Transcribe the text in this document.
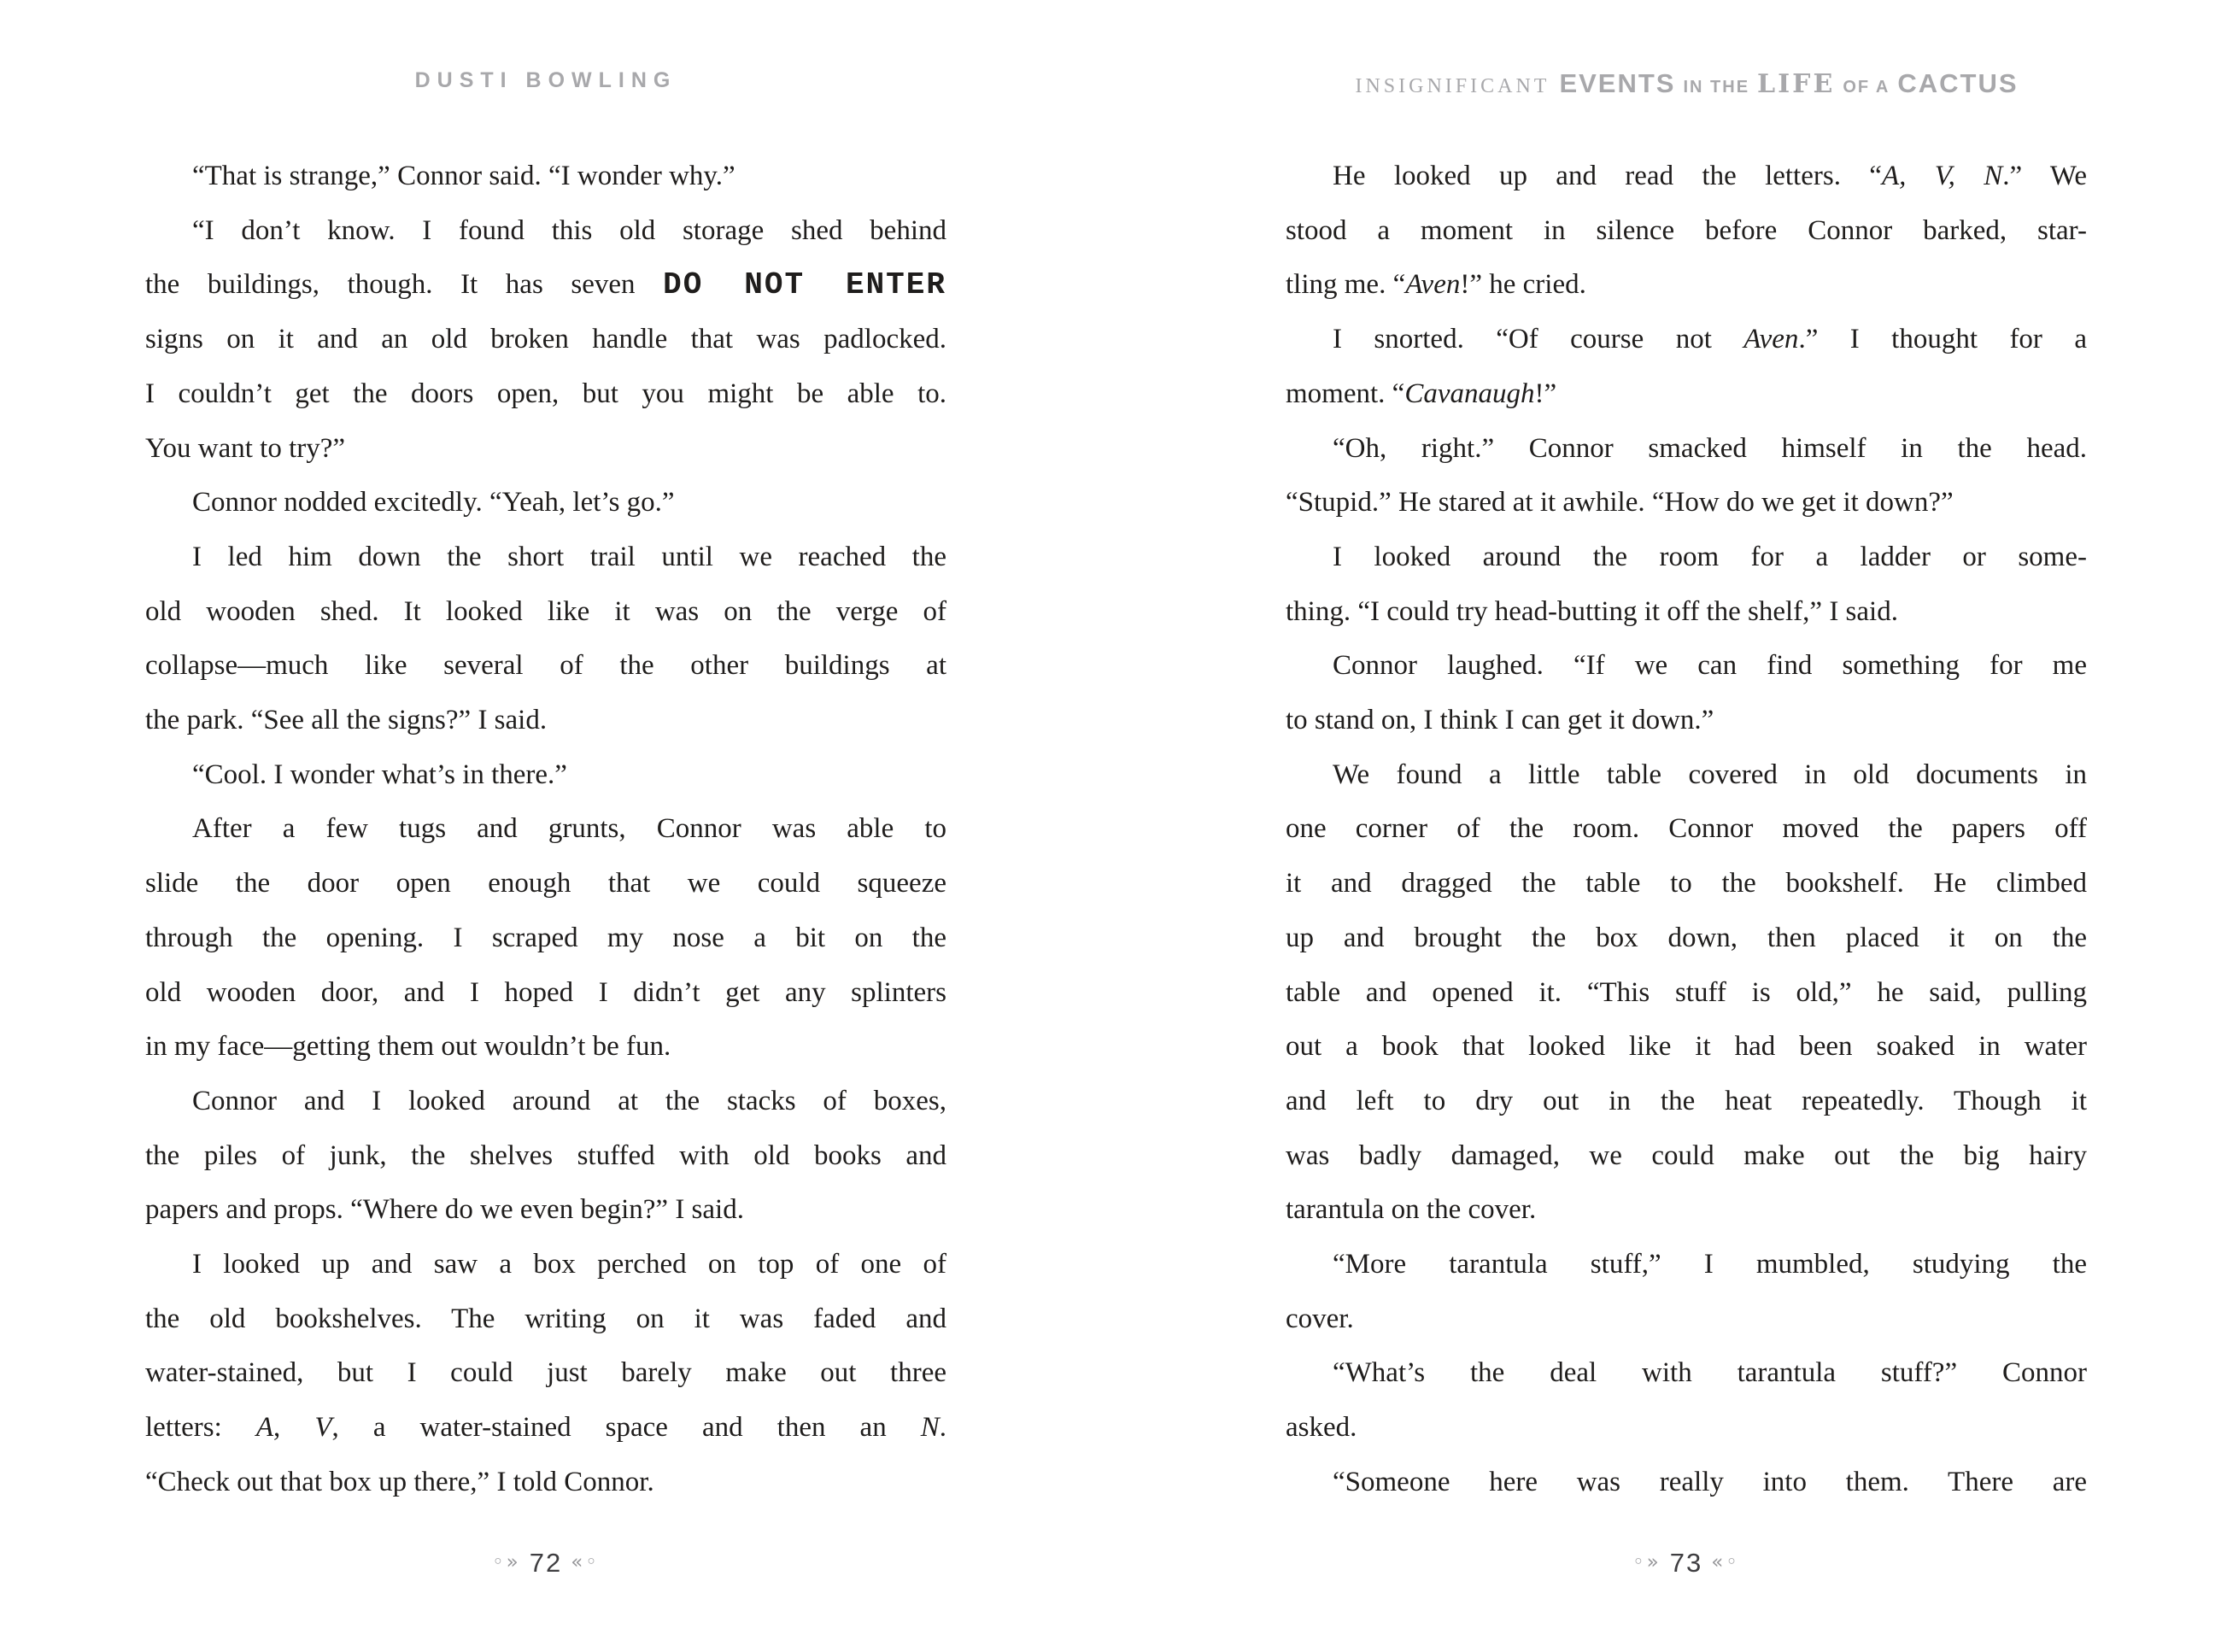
DUSTI BOWLING
“That is strange,” Connor said. “I wonder why.”
“I don’t know. I found this old storage shed behind
the buildings, though. It has seven DO NOT ENTER
signs on it and an old broken handle that was padlocked.
I couldn’t get the doors open, but you might be able to.
You want to try?”
Connor nodded excitedly. “Yeah, let’s go.”
I led him down the short trail until we reached the
old wooden shed. It looked like it was on the verge of
collapse—much like several of the other buildings at
the park. “See all the signs?” I said.
“Cool. I wonder what’s in there.”
After a few tugs and grunts, Connor was able to
slide the door open enough that we could squeeze
through the opening. I scraped my nose a bit on the
old wooden door, and I hoped I didn’t get any splinters
in my face—getting them out wouldn’t be fun.
Connor and I looked around at the stacks of boxes,
the piles of junk, the shelves stuffed with old books and
papers and props. “Where do we even begin?” I said.
I looked up and saw a box perched on top of one of
the old bookshelves. The writing on it was faded and
water-stained, but I could just barely make out three
letters: A, V, a water-stained space and then an N.
“Check out that box up there,” I told Connor.
◦» 72 «◦
INSIGNIFICANT EVENTS IN THE LIFE OF A CACTUS
He looked up and read the letters. “A, V, N.” We
stood a moment in silence before Connor barked, star-
tling me. “Aven!” he cried.
I snorted. “Of course not Aven.” I thought for a
moment. “Cavanaugh!”
“Oh, right.” Connor smacked himself in the head.
“Stupid.” He stared at it awhile. “How do we get it down?”
I looked around the room for a ladder or some-
thing. “I could try head-butting it off the shelf,” I said.
Connor laughed. “If we can find something for me
to stand on, I think I can get it down.”
We found a little table covered in old documents in
one corner of the room. Connor moved the papers off
it and dragged the table to the bookshelf. He climbed
up and brought the box down, then placed it on the
table and opened it. “This stuff is old,” he said, pulling
out a book that looked like it had been soaked in water
and left to dry out in the heat repeatedly. Though it
was badly damaged, we could make out the big hairy
tarantula on the cover.
“More tarantula stuff,” I mumbled, studying the
cover.
“What’s the deal with tarantula stuff?” Connor
asked.
“Someone here was really into them. There are
◦» 73 «◦
